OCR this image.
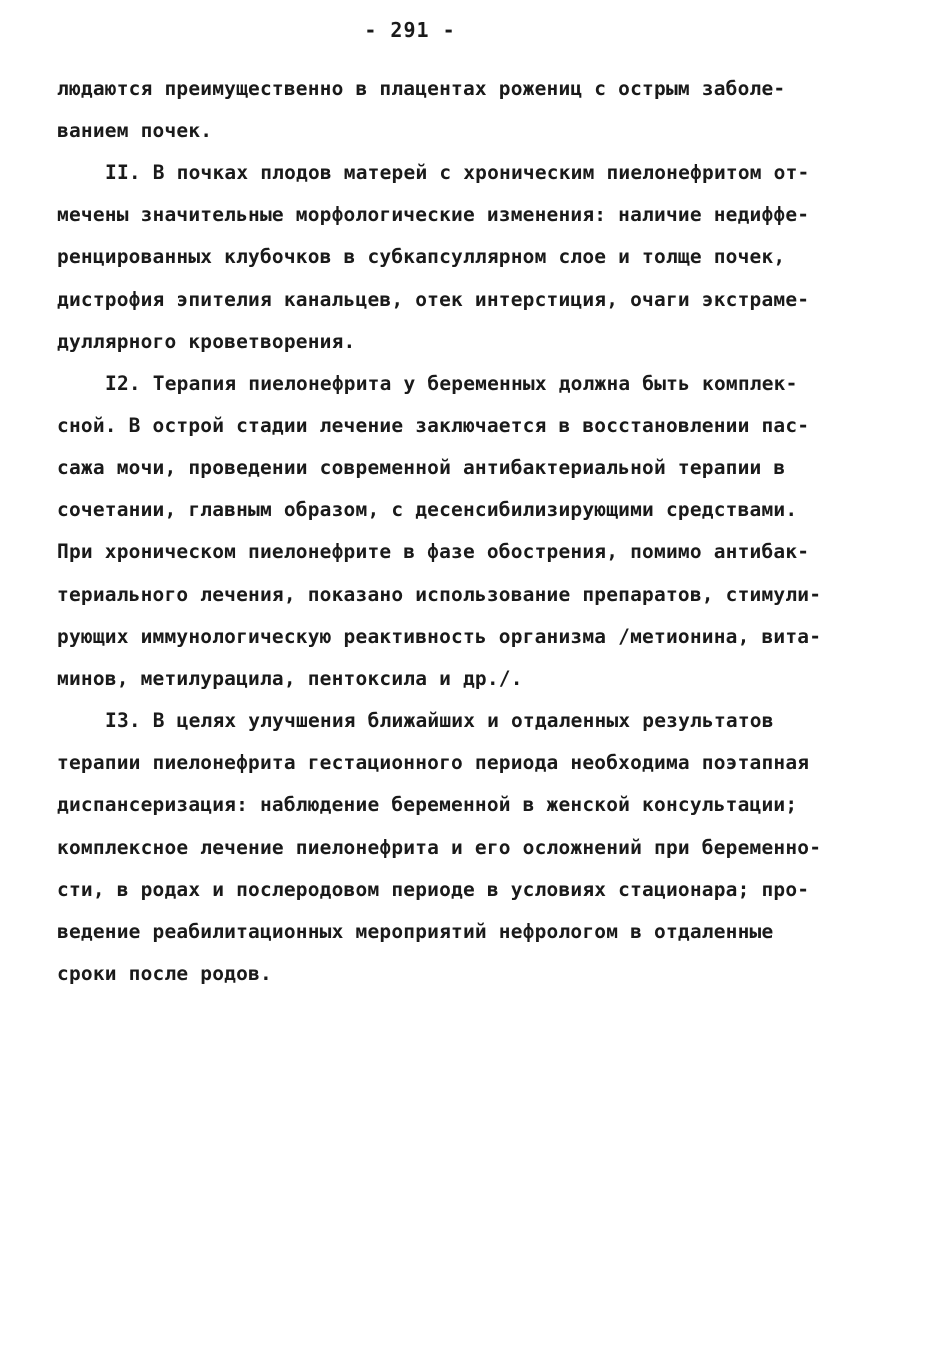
- 291 -
людаются преимущественно в плацентах рожениц с острым заболе-
ванием почек.
II. В почках плодов матерей с хроническим пиелонефритом от-
мечены значительные морфологические изменения: наличие недиффе-
ренцированных клубочков в субкапсуллярном слое и толще почек,
дистрофия эпителия канальцев, отек интерстиция, очаги экстраме-
дуллярного кроветворения.
I2. Терапия пиелонефрита у беременных должна быть комплек-
сной. В острой стадии лечение заключается в восстановлении пас-
сажа мочи, проведении современной антибактериальной терапии в
сочетании, главным образом, с десенсибилизирующими средствами.
При хроническом пиелонефрите в фазе обострения, помимо антибак-
териального лечения, показано использование препаратов, стимули-
рующих иммунологическую реактивность организма /метионина, вита-
минов, метилурацила, пентоксила и др./.
I3. В целях улучшения ближайших и отдаленных результатов
терапии пиелонефрита гестационного периода необходима поэтапная
диспансеризация: наблюдение беременной в женской консультации;
комплексное лечение пиелонефрита и его осложнений при беременно-
сти, в родах и послеродовом периоде в условиях стационара; про-
ведение реабилитационных мероприятий нефрологом в отдаленные
сроки после родов.
